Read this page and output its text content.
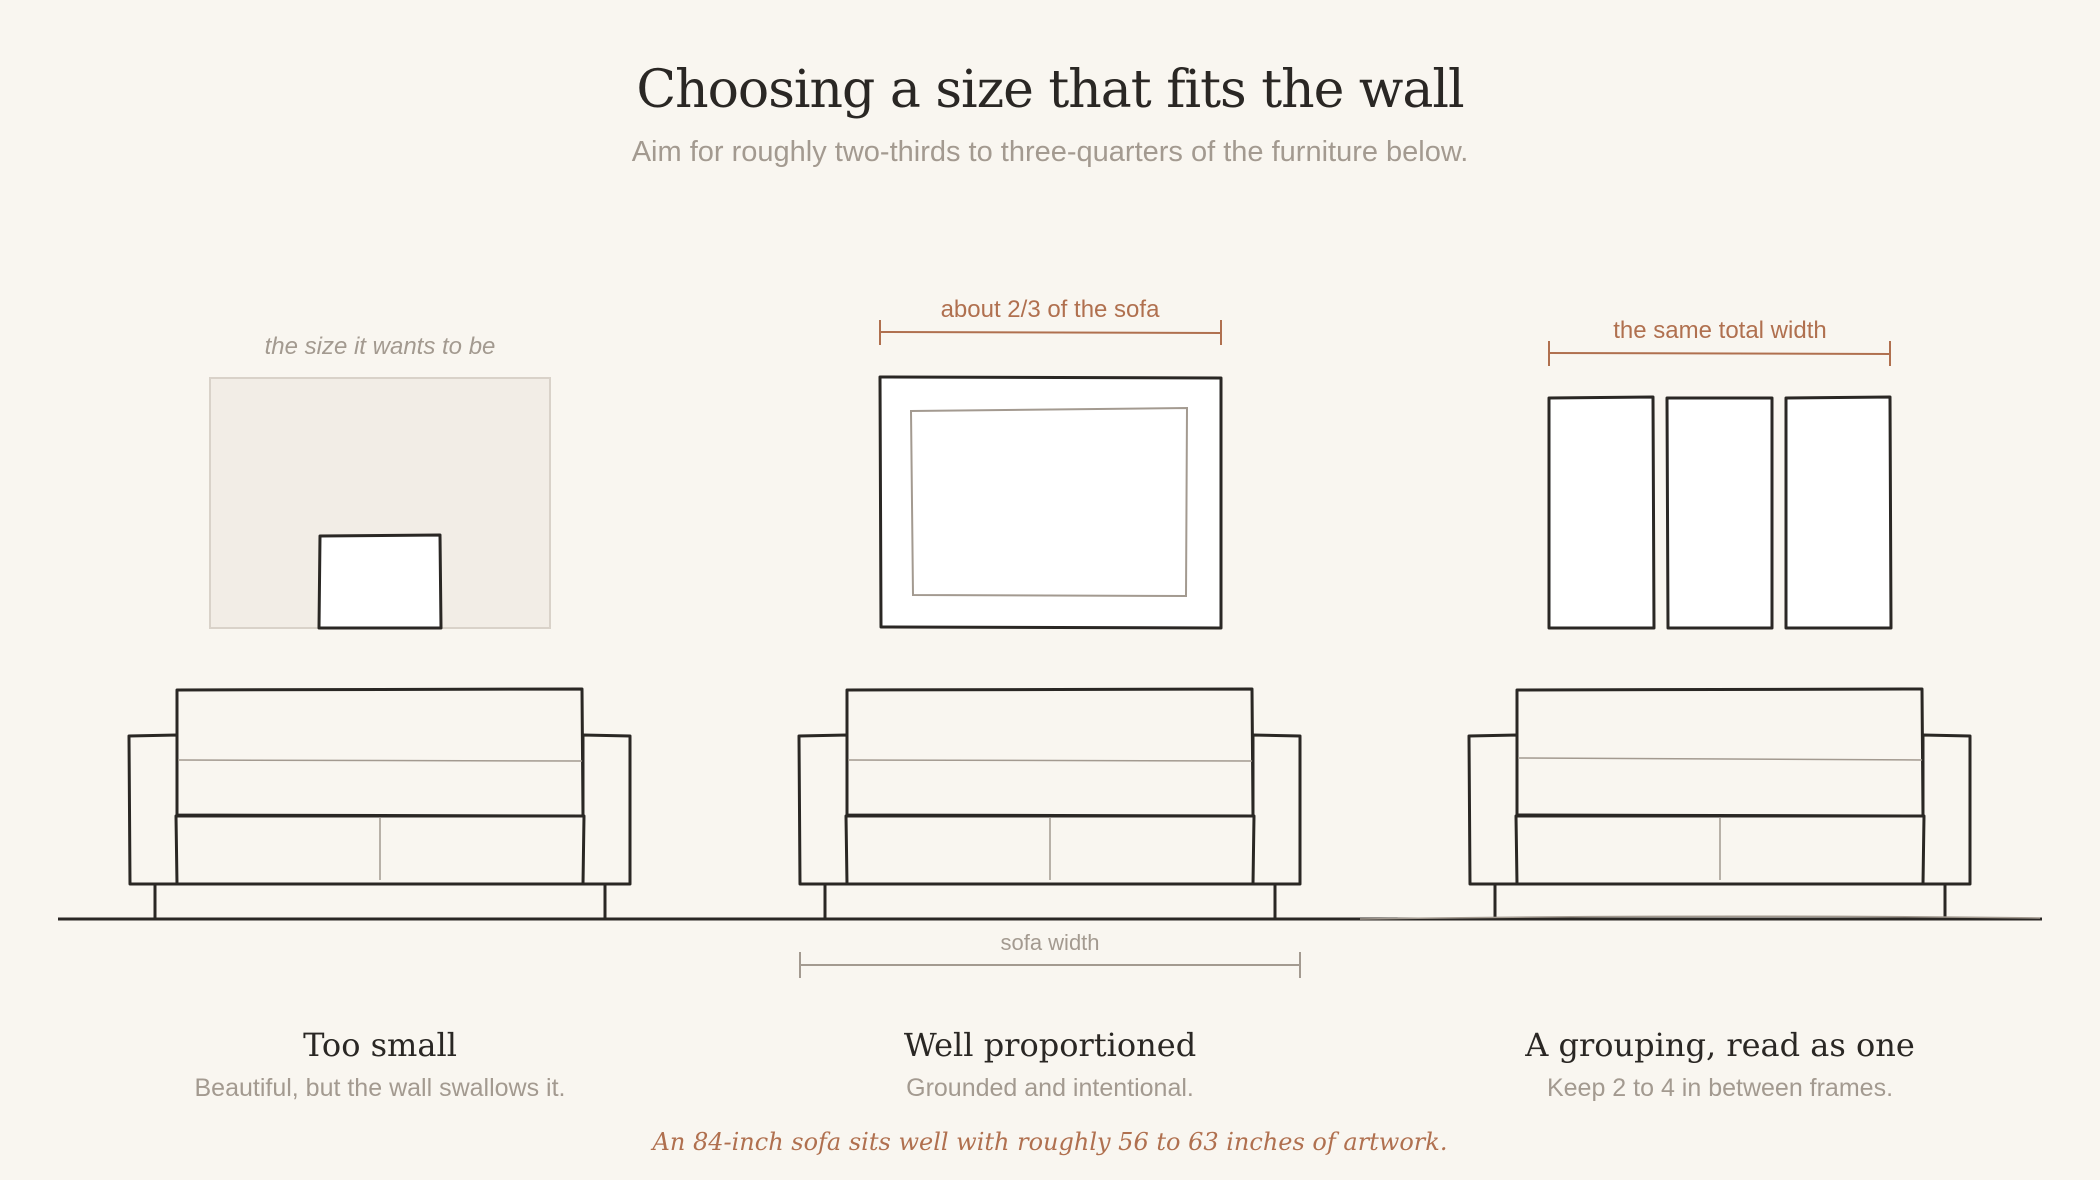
Choosing a size that fits the wall
Aim for roughly two-thirds to three-quarters of the furniture below.
the size it wants to be
about 2/3 of the sofa
the same total width
sofa width
Too small
Beautiful, but the wall swallows it.
Well proportioned
Grounded and intentional.
A grouping, read as one
Keep 2 to 4 in between frames.
An 84-inch sofa sits well with roughly 56 to 63 inches of artwork.
